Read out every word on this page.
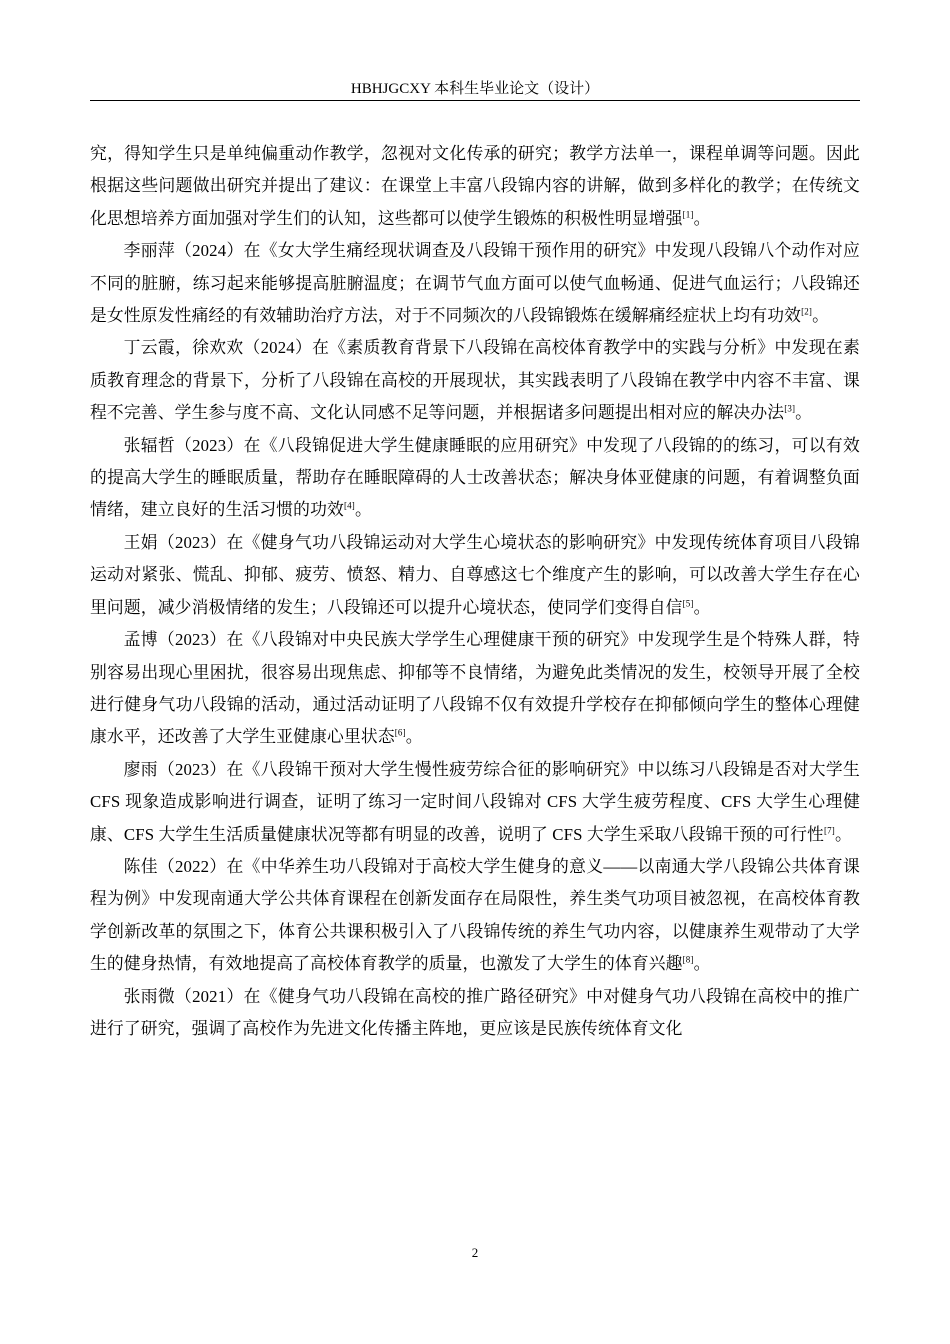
HBHJGCXY 本科生毕业论文（设计）

究，得知学生只是单纯偏重动作教学，忽视对文化传承的研究；教学方法单一，课程单调等问题。因此根据这些问题做出研究并提出了建议：在课堂上丰富八段锦内容的讲解，做到多样化的教学；在传统文化思想培养方面加强对学生们的认知，这些都可以使学生锻炼的积极性明显增强[1]。

李丽萍（2024）在《女大学生痛经现状调查及八段锦干预作用的研究》中发现八段锦八个动作对应不同的脏腑，练习起来能够提高脏腑温度；在调节气血方面可以使气血畅通、促进气血运行；八段锦还是女性原发性痛经的有效辅助治疗方法，对于不同频次的八段锦锻炼在缓解痛经症状上均有功效[2]。

丁云霞，徐欢欢（2024）在《素质教育背景下八段锦在高校体育教学中的实践与分析》中发现在素质教育理念的背景下，分析了八段锦在高校的开展现状，其实践表明了八段锦在教学中内容不丰富、课程不完善、学生参与度不高、文化认同感不足等问题，并根据诸多问题提出相对应的解决办法[3]。

张辐哲（2023）在《八段锦促进大学生健康睡眠的应用研究》中发现了八段锦的的练习，可以有效的提高大学生的睡眠质量，帮助存在睡眠障碍的人士改善状态；解决身体亚健康的问题，有着调整负面情绪，建立良好的生活习惯的功效[4]。

王娟（2023）在《健身气功八段锦运动对大学生心境状态的影响研究》中发现传统体育项目八段锦运动对紧张、慌乱、抑郁、疲劳、愤怒、精力、自尊感这七个维度产生的影响，可以改善大学生存在心里问题，减少消极情绪的发生；八段锦还可以提升心境状态，使同学们变得自信[5]。

孟博（2023）在《八段锦对中央民族大学学生心理健康干预的研究》中发现学生是个特殊人群，特别容易出现心里困扰，很容易出现焦虑、抑郁等不良情绪，为避免此类情况的发生，校领导开展了全校进行健身气功八段锦的活动，通过活动证明了八段锦不仅有效提升学校存在抑郁倾向学生的整体心理健康水平，还改善了大学生亚健康心里状态[6]。

廖雨（2023）在《八段锦干预对大学生慢性疲劳综合征的影响研究》中以练习八段锦是否对大学生 CFS 现象造成影响进行调查，证明了练习一定时间八段锦对 CFS 大学生疲劳程度、CFS 大学生心理健康、CFS 大学生生活质量健康状况等都有明显的改善，说明了 CFS 大学生采取八段锦干预的可行性[7]。

陈佳（2022）在《中华养生功八段锦对于高校大学生健身的意义——以南通大学八段锦公共体育课程为例》中发现南通大学公共体育课程在创新发面存在局限性，养生类气功项目被忽视，在高校体育教学创新改革的氛围之下，体育公共课积极引入了八段锦传统的养生气功内容，以健康养生观带动了大学生的健身热情，有效地提高了高校体育教学的质量，也激发了大学生的体育兴趣[8]。

张雨微（2021）在《健身气功八段锦在高校的推广路径研究》中对健身气功八段锦在高校中的推广进行了研究，强调了高校作为先进文化传播主阵地，更应该是民族传统体育文化

2
